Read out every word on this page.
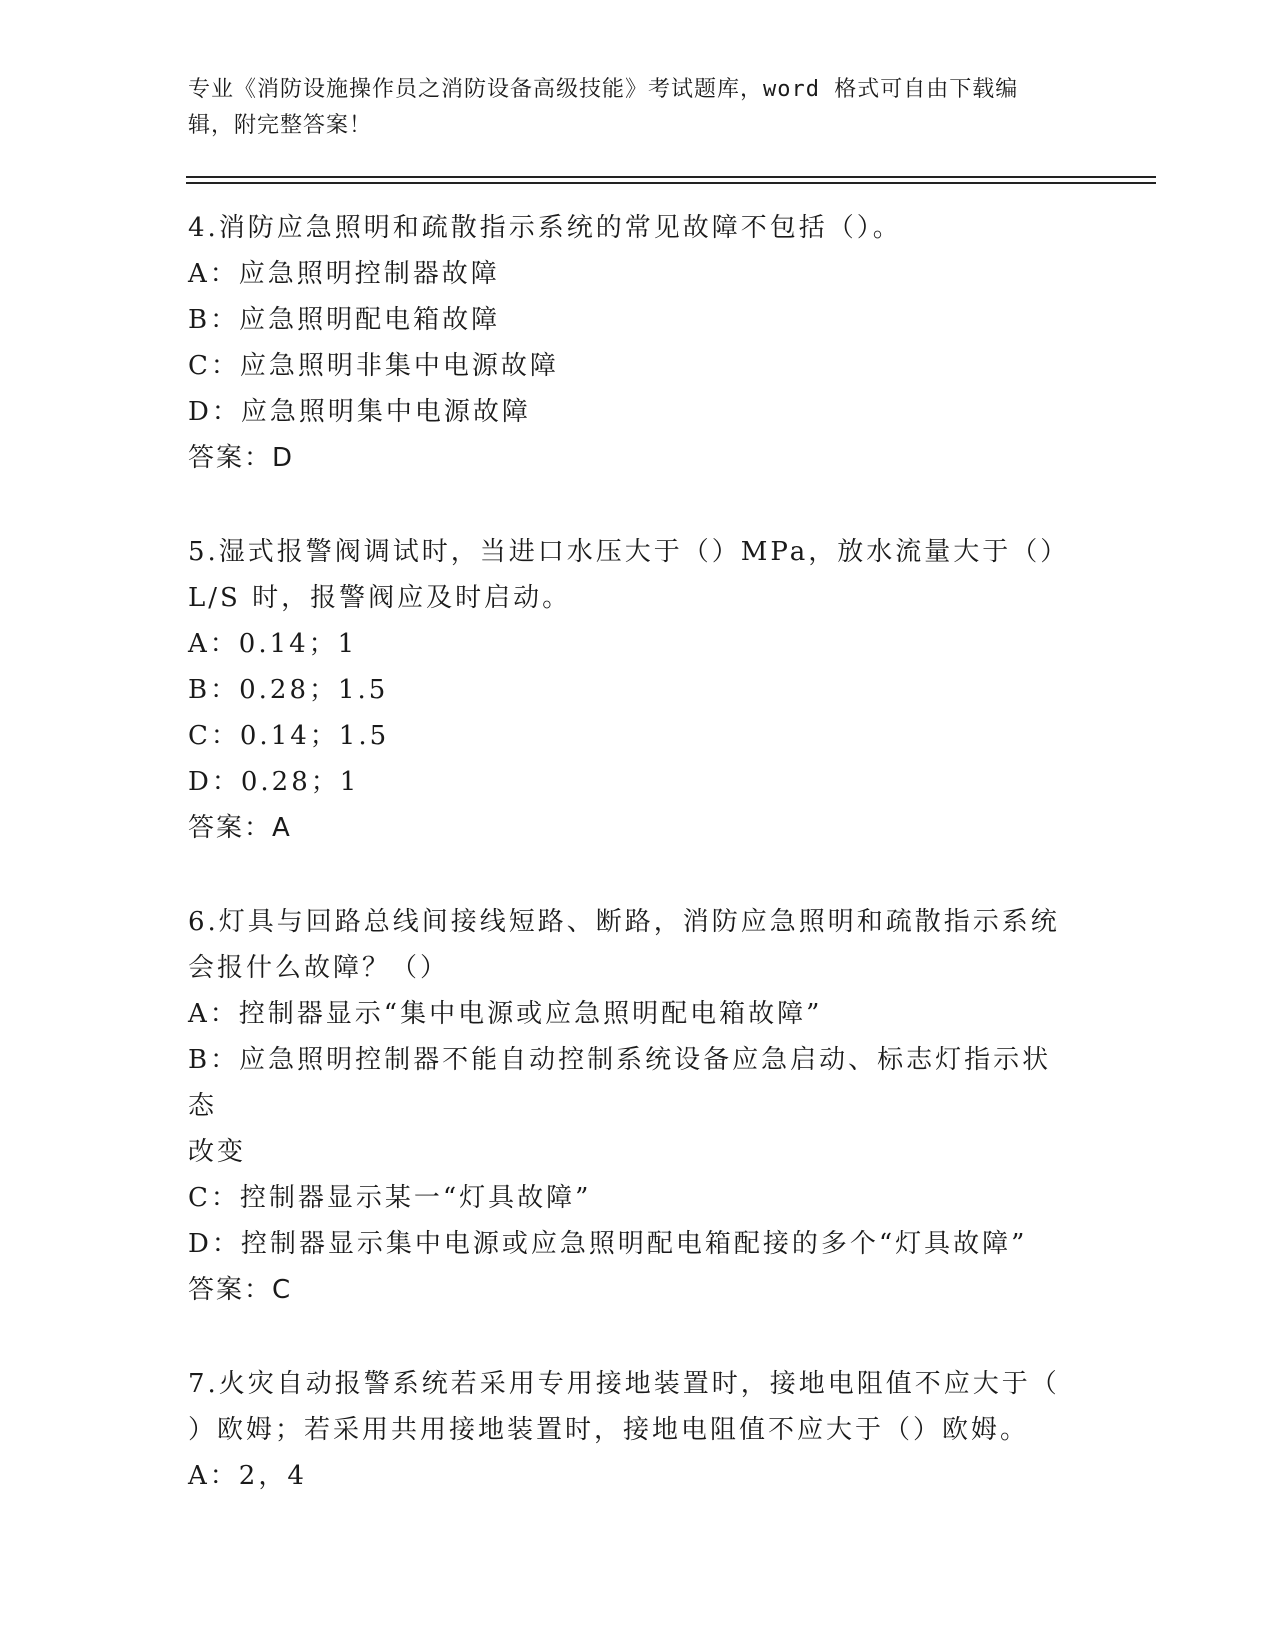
专业《消防设施操作员之消防设备高级技能》考试题库，word 格式可自由下载编
辑，附完整答案！
4.消防应急照明和疏散指示系统的常见故障不包括（）。
A：应急照明控制器故障
B：应急照明配电箱故障
C：应急照明非集中电源故障
D：应急照明集中电源故障
答案：D
5.湿式报警阀调试时，当进口水压大于（）MPa，放水流量大于（）
L/S 时，报警阀应及时启动。
A：0.14；1
B：0.28；1.5
C：0.14；1.5
D：0.28；1
答案：A
6.灯具与回路总线间接线短路、断路，消防应急照明和疏散指示系统
会报什么故障？（）
A：控制器显示“集中电源或应急照明配电箱故障”
B：应急照明控制器不能自动控制系统设备应急启动、标志灯指示状态
改变
C：控制器显示某一“灯具故障”
D：控制器显示集中电源或应急照明配电箱配接的多个“灯具故障”
答案：C
7.火灾自动报警系统若采用专用接地装置时，接地电阻值不应大于（
）欧姆；若采用共用接地装置时，接地电阻值不应大于（）欧姆。
A：2，4
